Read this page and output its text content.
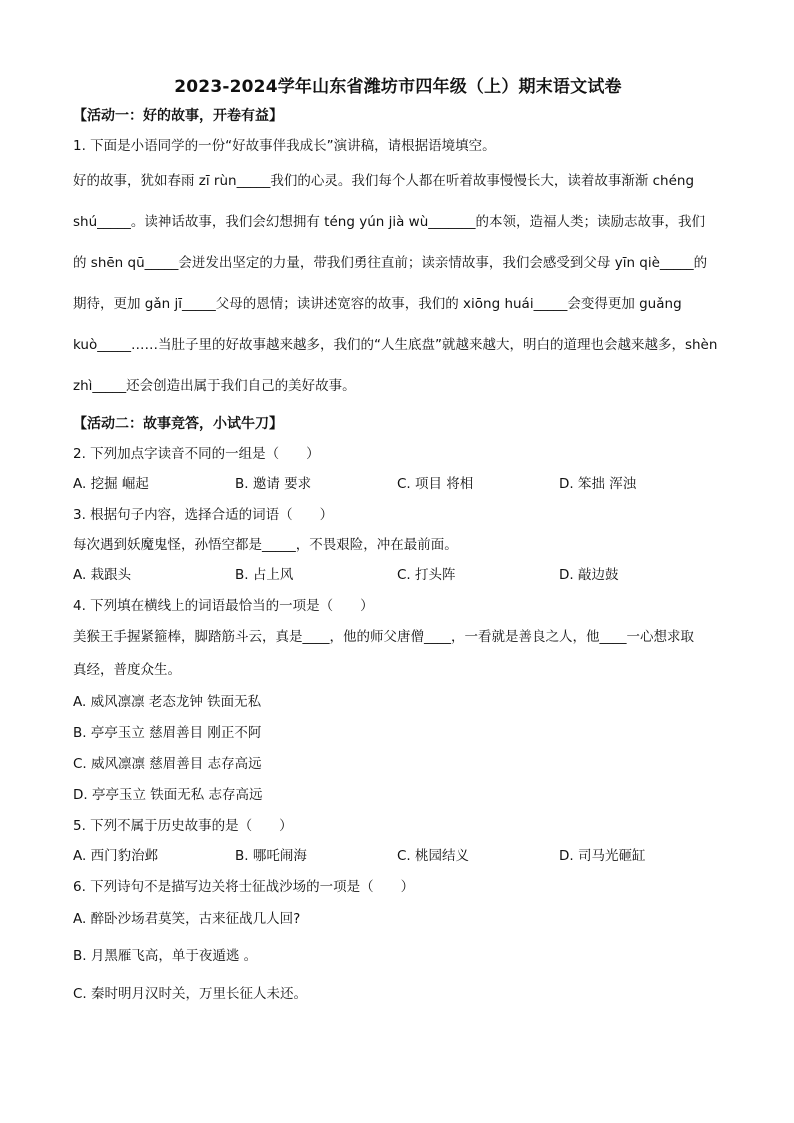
2023-2024学年山东省潍坊市四年级（上）期末语文试卷
【活动一：好的故事，开卷有益】
1. 下面是小语同学的一份“好故事伴我成长”演讲稿，请根据语境填空。
好的故事，犹如春雨 zī rùn_____我们的心灵。我们每个人都在听着故事慢慢长大，读着故事渐渐 chéng
shú_____。读神话故事，我们会幻想拥有 téng yún jià wù_______的本领，造福人类；读励志故事，我们
的 shēn qū_____会迸发出坚定的力量，带我们勇往直前；读亲情故事，我们会感受到父母 yīn qiè_____的
期待，更加 gǎn jī_____父母的恩情；读讲述宽容的故事，我们的 xiōng huái_____会变得更加 guǎng
kuò_____……当肚子里的好故事越来越多，我们的“人生底盘”就越来越大，明白的道理也会越来越多，shèn
zhì_____还会创造出属于我们自己的美好故事。
【活动二：故事竞答，小试牛刀】
2. 下列加点字读音不同的一组是（　　）
A. 挖掘 崛起	B. 邀请 要求	C. 项目 将相	D. 笨拙 浑浊
3. 根据句子内容，选择合适的词语（　　）
每次遇到妖魔鬼怪，孙悟空都是_____，不畏艰险，冲在最前面。
A. 栽跟头	B. 占上风	C. 打头阵	D. 敲边鼓
4. 下列填在横线上的词语最恰当的一项是（　　）
美猴王手握紧箍棒，脚踏筋斗云，真是____，他的师父唐僧____，一看就是善良之人，他____一心想求取
真经，普度众生。
A. 威风凛凛 老态龙钟 铁面无私
B. 亭亭玉立 慈眉善目 刚正不阿
C. 威风凛凛 慈眉善目 志存高远
D. 亭亭玉立 铁面无私 志存高远
5. 下列不属于历史故事的是（　　）
A. 西门豹治邺	B. 哪吒闹海	C. 桃园结义	D. 司马光砸缸
6. 下列诗句不是描写边关将士征战沙场的一项是（　　）
A. 醉卧沙场君莫笑，古来征战几人回?
B. 月黑雁飞高，单于夜遁逃 。
C. 秦时明月汉时关，万里长征人未还。
